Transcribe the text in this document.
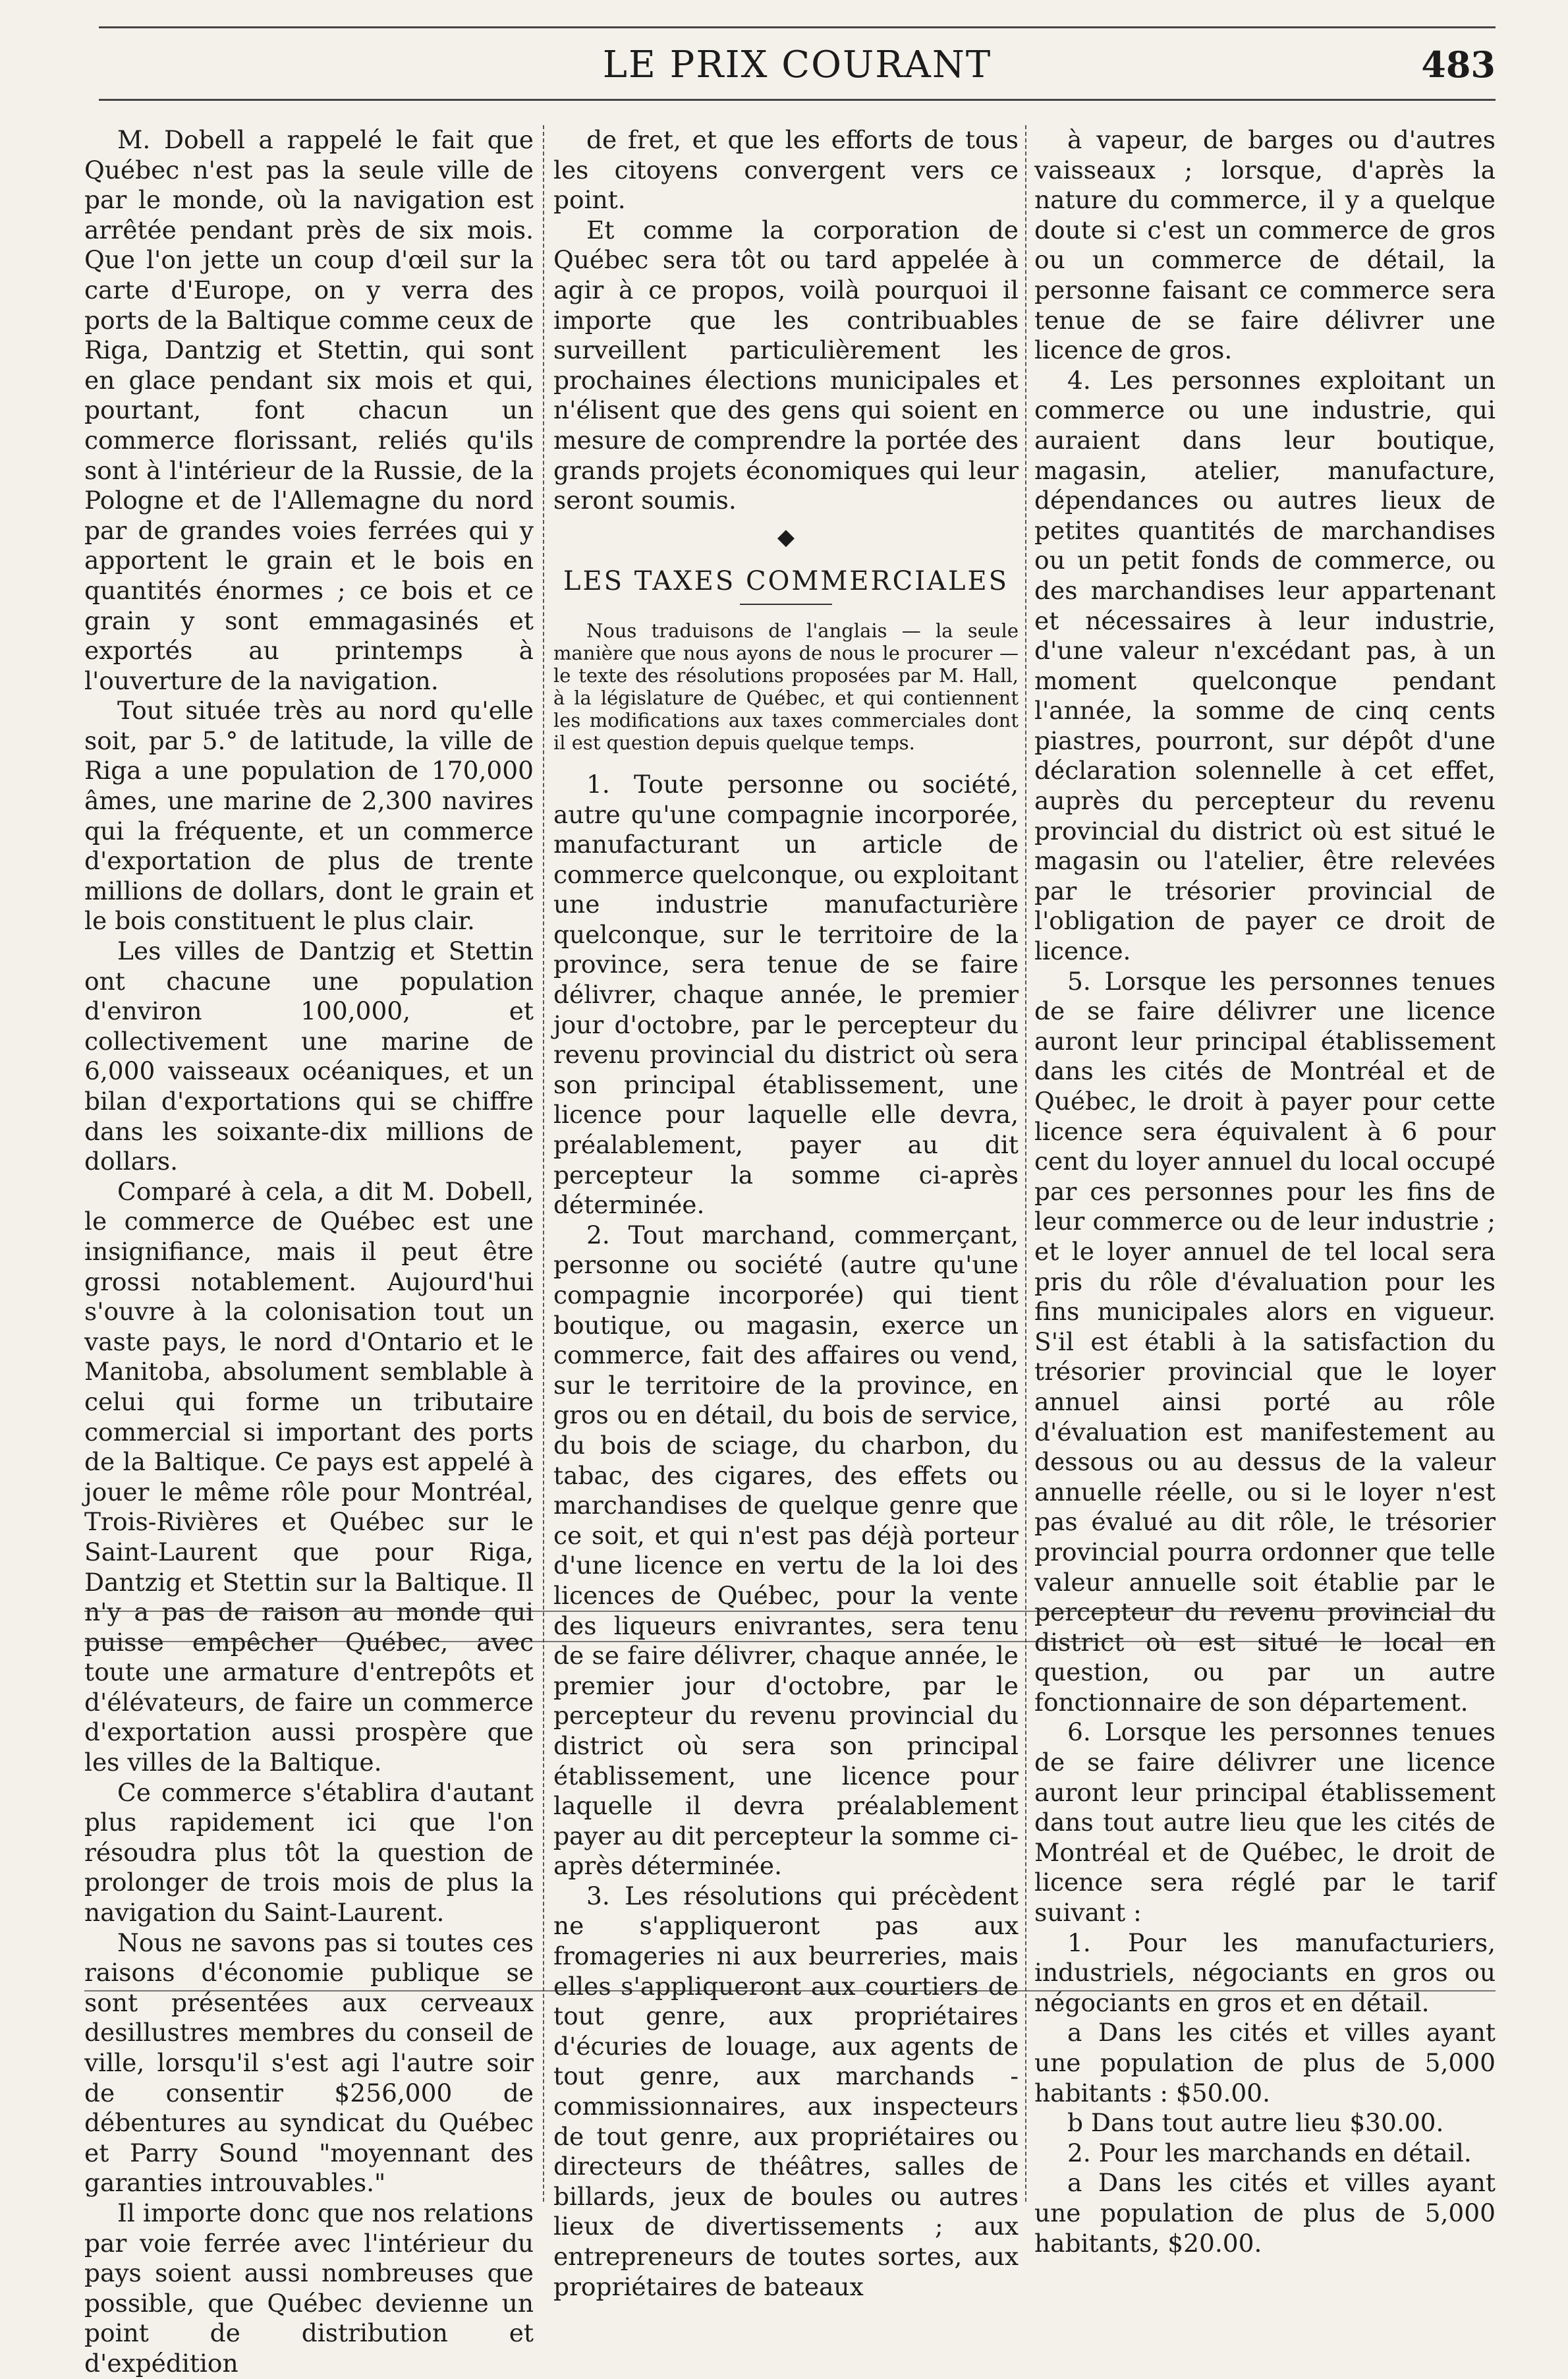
LE PRIX COURANT	483

M. Dobell a rappelé le fait que Québec n'est pas la seule ville de par le monde, où la navigation est arrêtée pendant près de six mois. Que l'on jette un coup d'œil sur la carte d'Europe, on y verra des ports de la Baltique comme ceux de Riga, Dantzig et Stettin, qui sont en glace pendant six mois et qui, pourtant, font chacun un commerce florissant, reliés qu'ils sont à l'intérieur de la Russie, de la Pologne et de l'Allemagne du nord par de grandes voies ferrées qui y apportent le grain et le bois en quantités énormes ; ce bois et ce grain y sont emmagasinés et exportés au printemps à l'ouverture de la navigation.

Tout située très au nord qu'elle soit, par 5.° de latitude, la ville de Riga a une population de 170,000 âmes, une marine de 2,300 navires qui la fréquente, et un commerce d'exportation de plus de trente millions de dollars, dont le grain et le bois constituent le plus clair.

Les villes de Dantzig et Stettin ont chacune une population d'environ 100,000, et collectivement une marine de 6,000 vaisseaux océaniques, et un bilan d'exportations qui se chiffre dans les soixante-dix millions de dollars.

Comparé à cela, a dit M. Dobell, le commerce de Québec est une insignifiance, mais il peut être grossi notablement. Aujourd'hui s'ouvre à la colonisation tout un vaste pays, le nord d'Ontario et le Manitoba, absolument semblable à celui qui forme un tributaire commercial si important des ports de la Baltique. Ce pays est appelé à jouer le même rôle pour Montréal, Trois-Rivières et Québec sur le Saint-Laurent que pour Riga, Dantzig et Stettin sur la Baltique. Il n'y a pas de raison au monde qui puisse empêcher Québec, avec toute une armature d'entrepôts et d'élévateurs, de faire un commerce d'exportation aussi prospère que les villes de la Baltique.

Ce commerce s'établira d'autant plus rapidement ici que l'on résoudra plus tôt la question de prolonger de trois mois de plus la navigation du Saint-Laurent.

Nous ne savons pas si toutes ces raisons d'économie publique se sont présentées aux cerveaux desillustres membres du conseil de ville, lorsqu'il s'est agi l'autre soir de consentir $256,000 de débentures au syndicat du Québec et Parry Sound "moyennant des garanties introuvables."

Il importe donc que nos relations par voie ferrée avec l'intérieur du pays soient aussi nombreuses que possible, que Québec devienne un point de distribution et d'expédition

de fret, et que les efforts de tous les citoyens convergent vers ce point.

Et comme la corporation de Québec sera tôt ou tard appelée à agir à ce propos, voilà pourquoi il importe que les contribuables surveillent particulièrement les prochaines élections municipales et n'élisent que des gens qui soient en mesure de comprendre la portée des grands projets économiques qui leur seront soumis.

◆
LES TAXES COMMERCIALES

Nous traduisons de l'anglais — la seule manière que nous ayons de nous le procurer — le texte des résolutions proposées par M. Hall, à la législature de Québec, et qui contiennent les modifications aux taxes commerciales dont il est question depuis quelque temps.

1. Toute personne ou société, autre qu'une compagnie incorporée, manufacturant un article de commerce quelconque, ou exploitant une industrie manufacturière quelconque, sur le territoire de la province, sera tenue de se faire délivrer, chaque année, le premier jour d'octobre, par le percepteur du revenu provincial du district où sera son principal établissement, une licence pour laquelle elle devra, préalablement, payer au dit percepteur la somme ci-après déterminée.

2. Tout marchand, commerçant, personne ou société (autre qu'une compagnie incorporée) qui tient boutique, ou magasin, exerce un commerce, fait des affaires ou vend, sur le territoire de la province, en gros ou en détail, du bois de service, du bois de sciage, du charbon, du tabac, des cigares, des effets ou marchandises de quelque genre que ce soit, et qui n'est pas déjà porteur d'une licence en vertu de la loi des licences de Québec, pour la vente des liqueurs enivrantes, sera tenu de se faire délivrer, chaque année, le premier jour d'octobre, par le percepteur du revenu provincial du district où sera son principal établissement, une licence pour laquelle il devra préalablement payer au dit percepteur la somme ci-après déterminée.

3. Les résolutions qui précèdent ne s'appliqueront pas aux fromageries ni aux beurreries, mais elles s'appliqueront aux courtiers de tout genre, aux propriétaires d'écuries de louage, aux agents de tout genre, aux marchands - commissionnaires, aux inspecteurs de tout genre, aux propriétaires ou directeurs de théâtres, salles de billards, jeux de boules ou autres lieux de divertissements ; aux entrepreneurs de toutes sortes, aux propriétaires de bateaux

à vapeur, de barges ou d'autres vaisseaux ; lorsque, d'après la nature du commerce, il y a quelque doute si c'est un commerce de gros ou un commerce de détail, la personne faisant ce commerce sera tenue de se faire délivrer une licence de gros.

4. Les personnes exploitant un commerce ou une industrie, qui auraient dans leur boutique, magasin, atelier, manufacture, dépendances ou autres lieux de petites quantités de marchandises ou un petit fonds de commerce, ou des marchandises leur appartenant et nécessaires à leur industrie, d'une valeur n'excédant pas, à un moment quelconque pendant l'année, la somme de cinq cents piastres, pourront, sur dépôt d'une déclaration solennelle à cet effet, auprès du percepteur du revenu provincial du district où est situé le magasin ou l'atelier, être relevées par le trésorier provincial de l'obligation de payer ce droit de licence.

5. Lorsque les personnes tenues de se faire délivrer une licence auront leur principal établissement dans les cités de Montréal et de Québec, le droit à payer pour cette licence sera équivalent à 6 pour cent du loyer annuel du local occupé par ces personnes pour les fins de leur commerce ou de leur industrie ; et le loyer annuel de tel local sera pris du rôle d'évaluation pour les fins municipales alors en vigueur. S'il est établi à la satisfaction du trésorier provincial que le loyer annuel ainsi porté au rôle d'évaluation est manifestement au dessous ou au dessus de la valeur annuelle réelle, ou si le loyer n'est pas évalué au dit rôle, le trésorier provincial pourra ordonner que telle valeur annuelle soit établie par le percepteur du revenu provincial du district où est situé le local en question, ou par un autre fonctionnaire de son département.

6. Lorsque les personnes tenues de se faire délivrer une licence auront leur principal établissement dans tout autre lieu que les cités de Montréal et de Québec, le droit de licence sera réglé par le tarif suivant :

1. Pour les manufacturiers, industriels, négociants en gros ou négociants en gros et en détail.

a Dans les cités et villes ayant une population de plus de 5,000 habitants : $50.00.

b Dans tout autre lieu $30.00.

2. Pour les marchands en détail.

a Dans les cités et villes ayant une population de plus de 5,000 habitants, $20.00.
